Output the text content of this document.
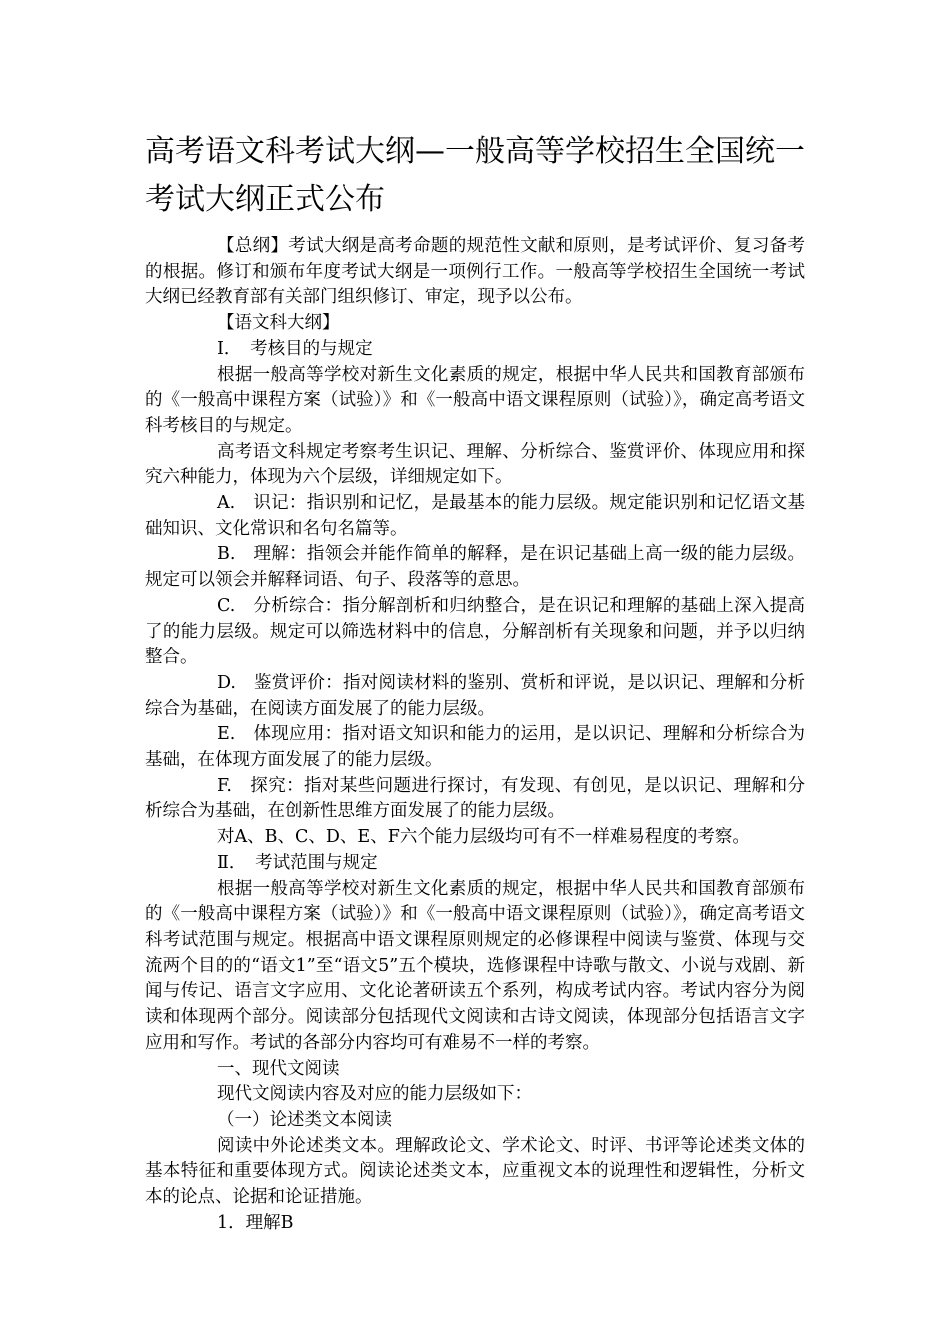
高考语文科考试大纲—一般高等学校招生全国统一考试大纲正式公布

【总纲】考试大纲是高考命题的规范性文献和原则，是考试评价、复习备考的根据。修订和颁布年度考试大纲是一项例行工作。一般高等学校招生全国统一考试大纲已经教育部有关部门组织修订、审定，现予以公布。

【语文科大纲】

Ⅰ．　考核目的与规定

根据一般高等学校对新生文化素质的规定，根据中华人民共和国教育部颁布的《一般高中课程方案（试验）》和《一般高中语文课程原则（试验）》，确定高考语文科考核目的与规定。

高考语文科规定考察考生识记、理解、分析综合、鉴赏评价、体现应用和探究六种能力，体现为六个层级，详细规定如下。

A.　识记：指识别和记忆，是最基本的能力层级。规定能识别和记忆语文基础知识、文化常识和名句名篇等。

B.　理解：指领会并能作简单的解释，是在识记基础上高一级的能力层级。规定可以领会并解释词语、句子、段落等的意思。

C.　分析综合：指分解剖析和归纳整合，是在识记和理解的基础上深入提高了的能力层级。规定可以筛选材料中的信息，分解剖析有关现象和问题，并予以归纳整合。

D.　鉴赏评价：指对阅读材料的鉴别、赏析和评说，是以识记、理解和分析综合为基础，在阅读方面发展了的能力层级。

E.　体现应用：指对语文知识和能力的运用，是以识记、理解和分析综合为基础，在体现方面发展了的能力层级。

F.　探究：指对某些问题进行探讨，有发现、有创见，是以识记、理解和分析综合为基础，在创新性思维方面发展了的能力层级。

对A、B、C、D、E、F六个能力层级均可有不一样难易程度的考察。

Ⅱ．　考试范围与规定

根据一般高等学校对新生文化素质的规定，根据中华人民共和国教育部颁布的《一般高中课程方案（试验）》和《一般高中语文课程原则（试验）》，确定高考语文科考试范围与规定。根据高中语文课程原则规定的必修课程中阅读与鉴赏、体现与交流两个目的的“语文1”至“语文5”五个模块，选修课程中诗歌与散文、小说与戏剧、新闻与传记、语言文字应用、文化论著研读五个系列，构成考试内容。考试内容分为阅读和体现两个部分。阅读部分包括现代文阅读和古诗文阅读，体现部分包括语言文字应用和写作。考试的各部分内容均可有难易不一样的考察。

一、现代文阅读

现代文阅读内容及对应的能力层级如下：

（一）论述类文本阅读

阅读中外论述类文本。理解政论文、学术论文、时评、书评等论述类文体的基本特征和重要体现方式。阅读论述类文本，应重视文本的说理性和逻辑性，分析文本的论点、论据和论证措施。

1．理解B
